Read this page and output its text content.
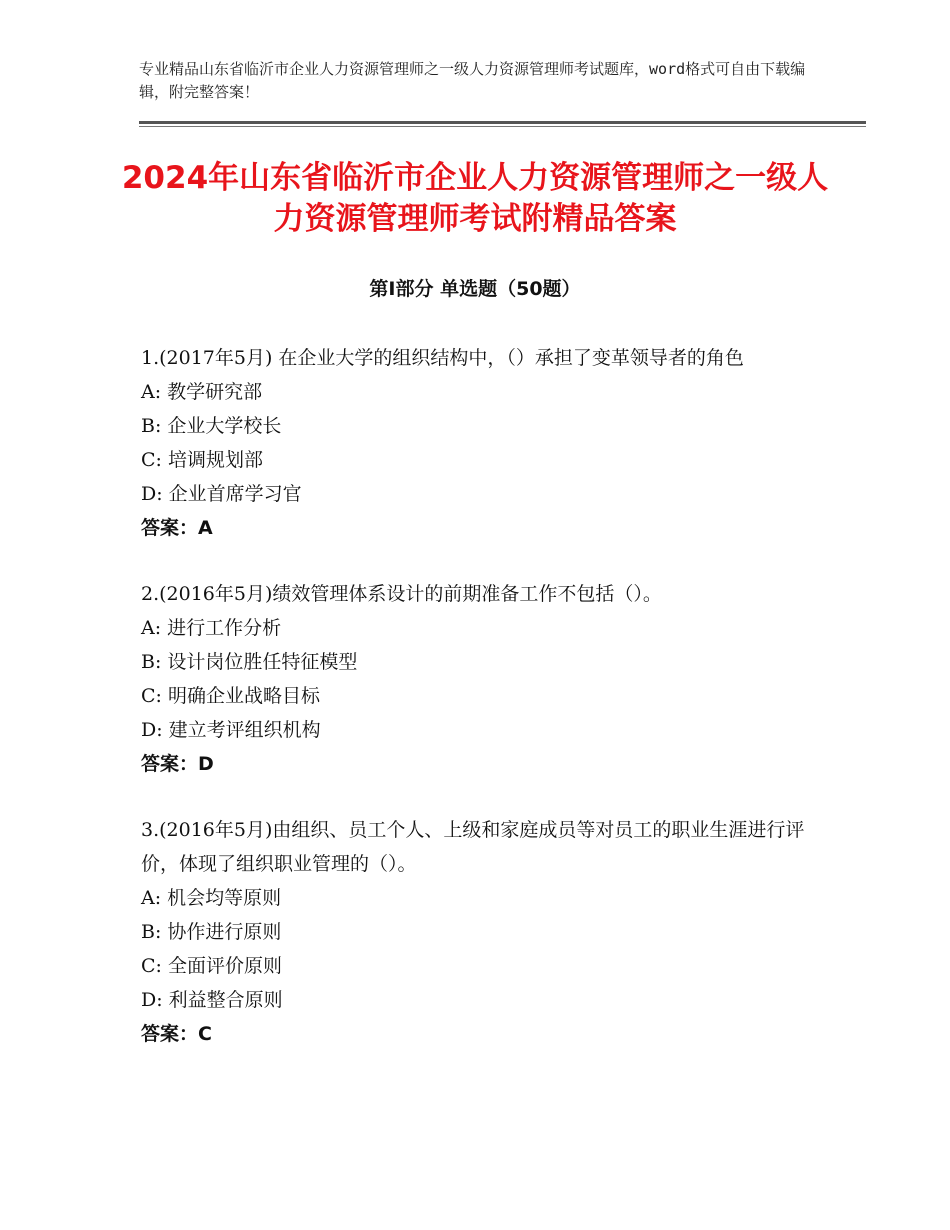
专业精品山东省临沂市企业人力资源管理师之一级人力资源管理师考试题库，word格式可自由下载编辑，附完整答案！
2024年山东省临沂市企业人力资源管理师之一级人力资源管理师考试附精品答案
第Ⅰ部分 单选题（50题）
1.(2017年5月) 在企业大学的组织结构中，（）承担了变革领导者的角色
A: 教学研究部
B: 企业大学校长
C: 培调规划部
D: 企业首席学习官
答案：A
2.(2016年5月)绩效管理体系设计的前期准备工作不包括（）。
A: 进行工作分析
B: 设计岗位胜任特征模型
C: 明确企业战略目标
D: 建立考评组织机构
答案：D
3.(2016年5月)由组织、员工个人、上级和家庭成员等对员工的职业生涯进行评价，体现了组织职业管理的（）。
A: 机会均等原则
B: 协作进行原则
C: 全面评价原则
D: 利益整合原则
答案：C
